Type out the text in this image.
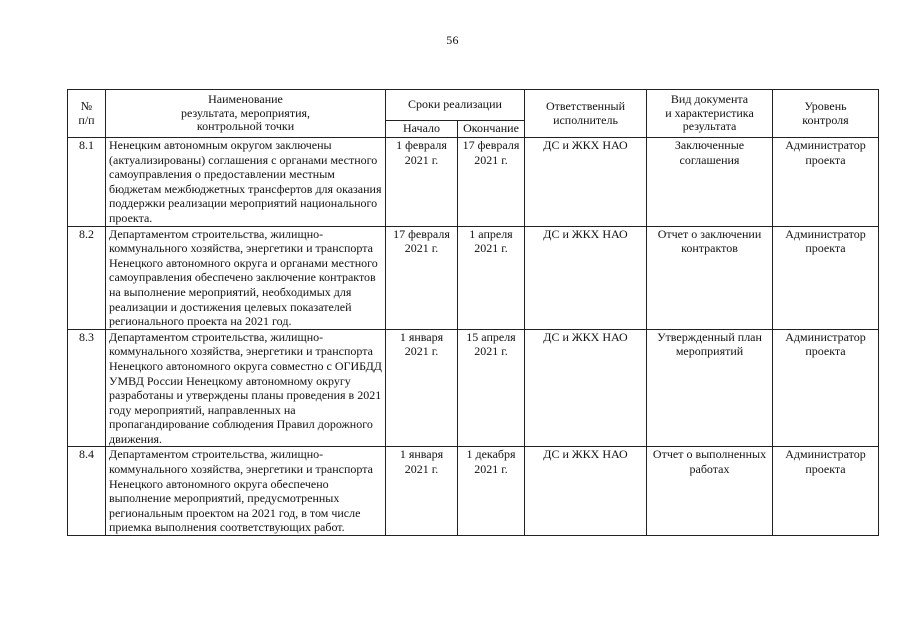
56
№
п/п	Наименование
результата, мероприятия,
контрольной точки	Сроки реализации		Ответственный
исполнитель	Вид документа
и характеристика
результата	Уровень
контроля
		Начало	Окончание			
8.1	Ненецким автономным округом заключены (актуализированы) соглашения с органами местного самоуправления о предоставлении местным бюджетам межбюджетных трансфертов для оказания поддержки реализации мероприятий национального проекта.	1 февраля
2021 г.	17 февраля
2021 г.	ДС и ЖКХ НАО	Заключенные
соглашения	Администратор
проекта
8.2	Департаментом строительства, жилищно-коммунального хозяйства, энергетики и транспорта Ненецкого автономного округа и органами местного самоуправления обеспечено заключение контрактов на выполнение мероприятий, необходимых для реализации и достижения целевых показателей регионального проекта на 2021 год.	17 февраля
2021 г.	1 апреля
2021 г.	ДС и ЖКХ НАО	Отчет о заключении
контрактов	Администратор
проекта
8.3	Департаментом строительства, жилищно-коммунального хозяйства, энергетики и транспорта Ненецкого автономного округа совместно с ОГИБДД УМВД России Ненецкому автономному округу разработаны и утверждены планы проведения в 2021 году мероприятий, направленных на пропагандирование соблюдения Правил дорожного движения.	1 января
2021 г.	15 апреля
2021 г.	ДС и ЖКХ НАО	Утвержденный план
мероприятий	Администратор
проекта
8.4	Департаментом строительства, жилищно-коммунального хозяйства, энергетики и транспорта Ненецкого автономного округа обеспечено выполнение мероприятий, предусмотренных региональным проектом на 2021 год, в том числе приемка выполнения соответствующих работ.	1 января
2021 г.	1 декабря
2021 г.	ДС и ЖКХ НАО	Отчет о выполненных
работах	Администратор
проекта
